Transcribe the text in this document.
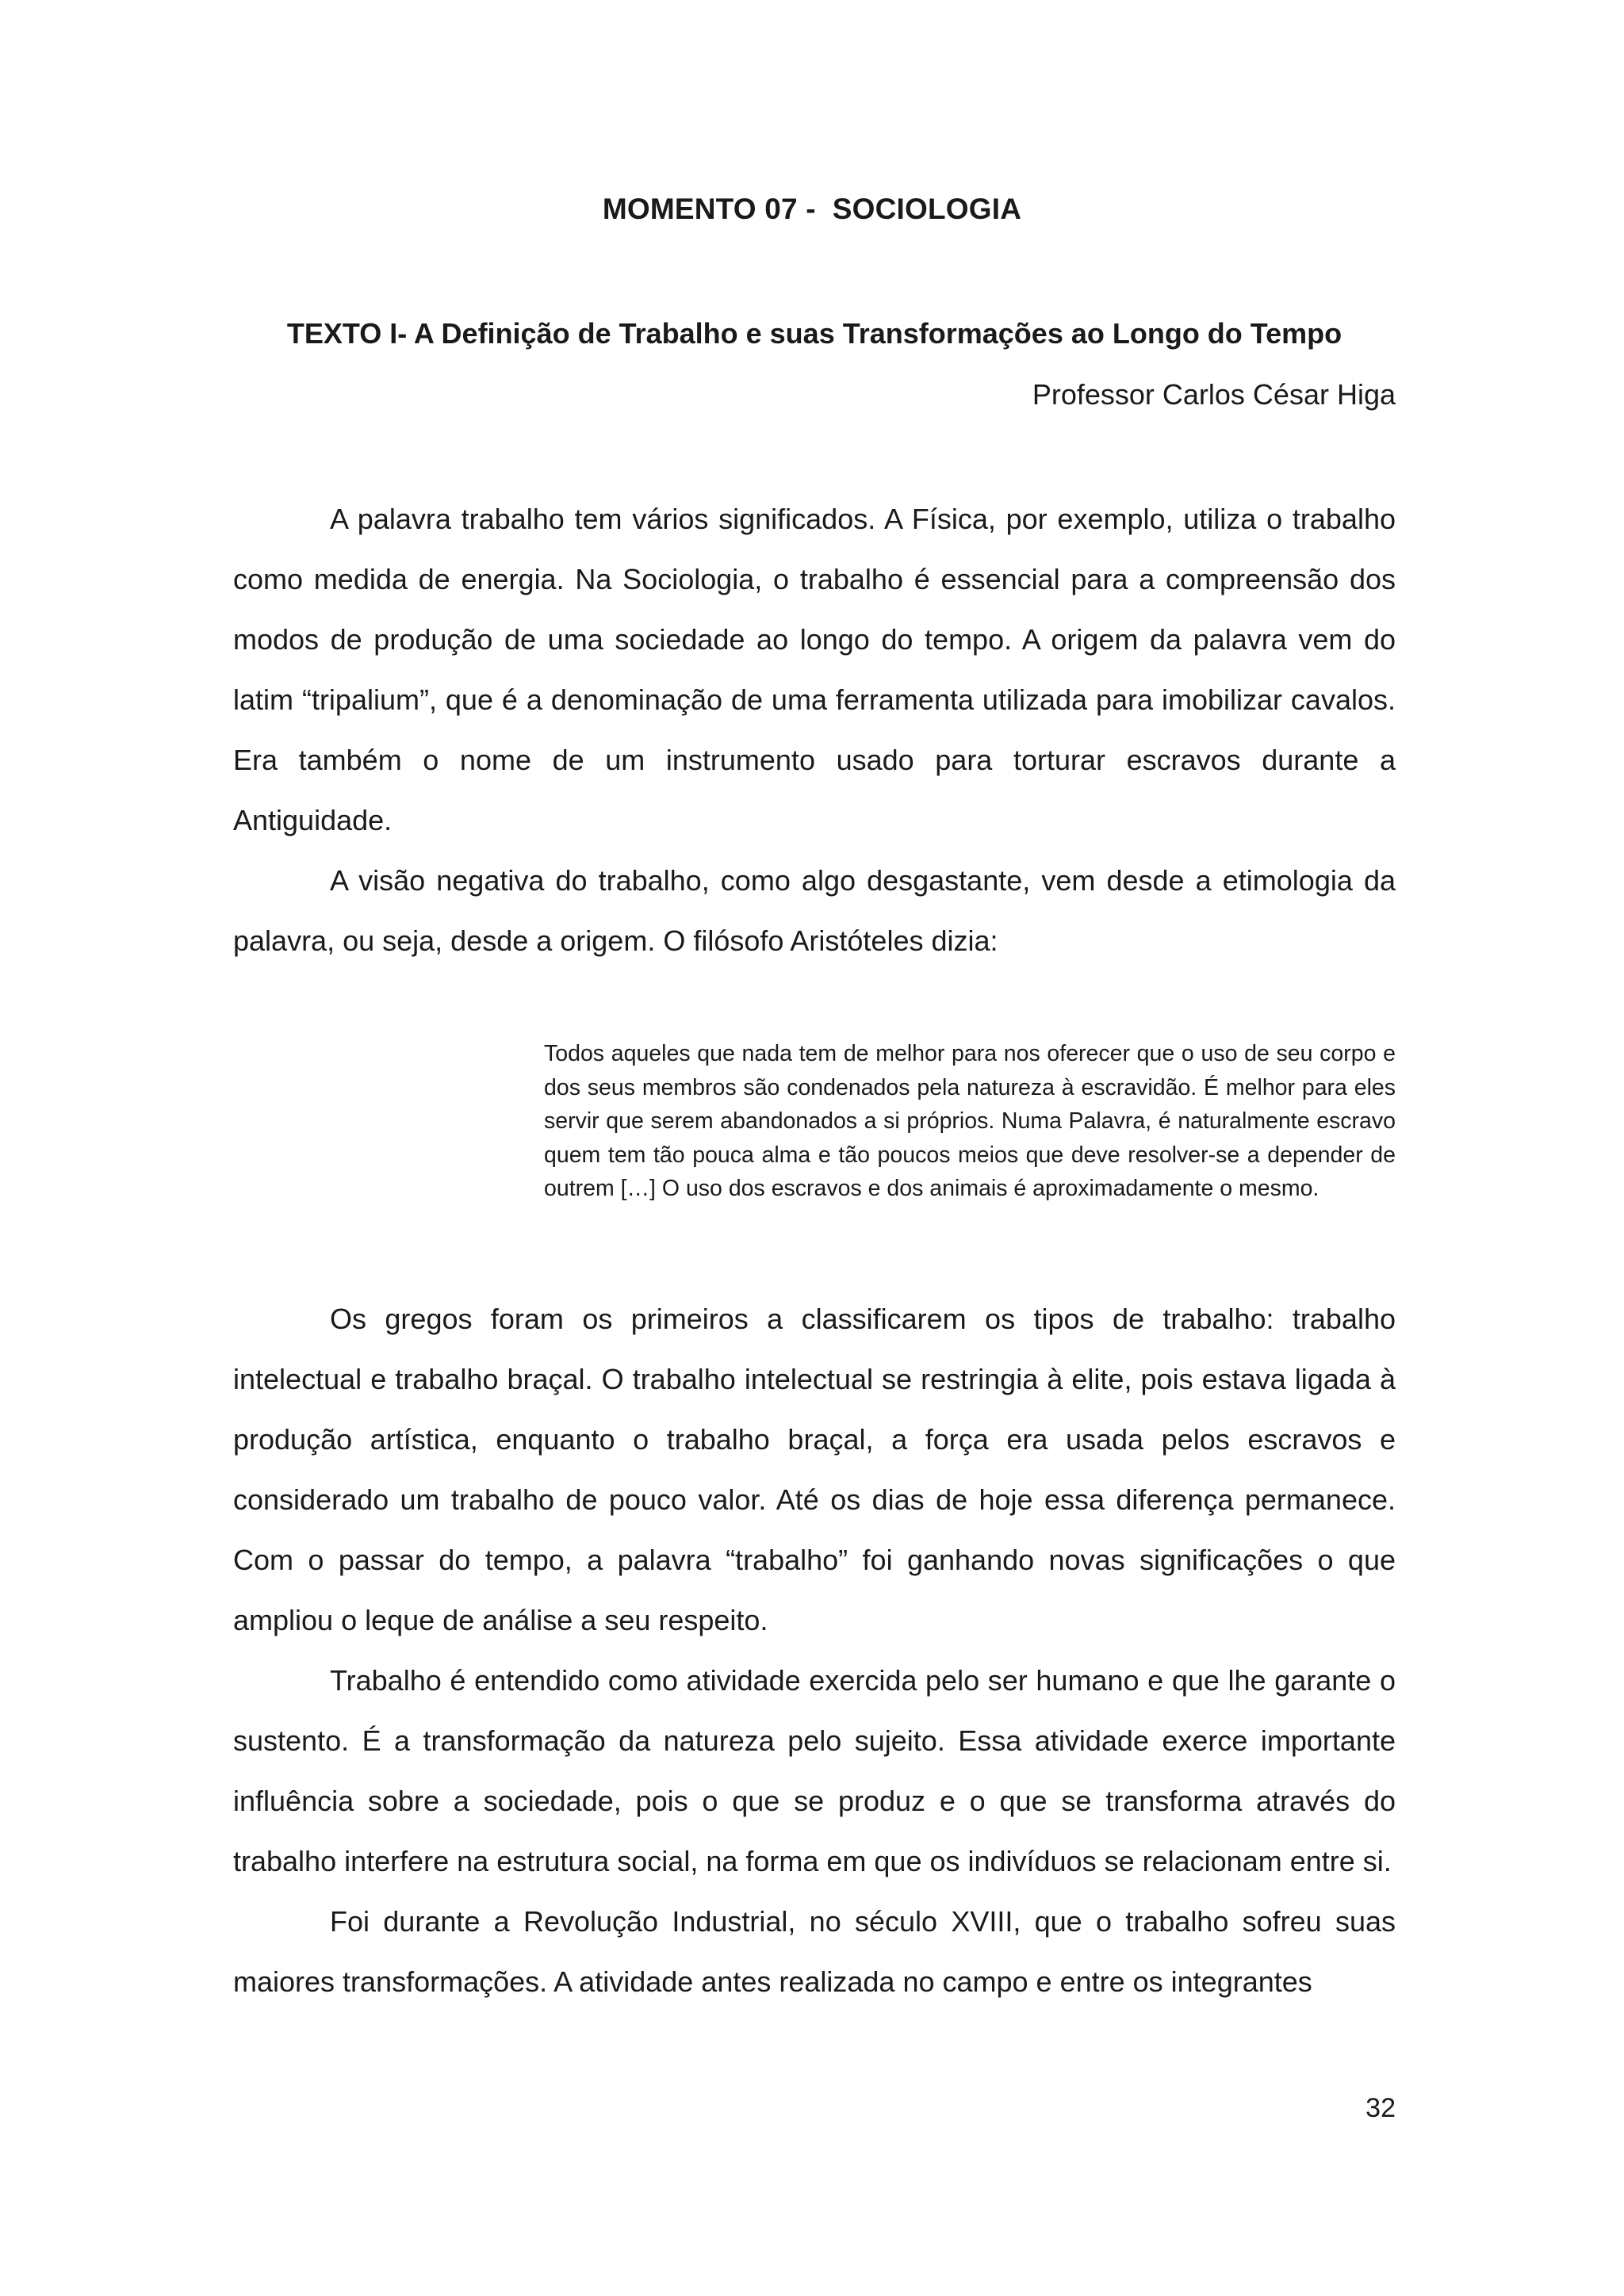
MOMENTO 07 -  SOCIOLOGIA
TEXTO I- A Definição de Trabalho e suas Transformações ao Longo do Tempo
Professor Carlos César Higa

A palavra trabalho tem vários significados. A Física, por exemplo, utiliza o trabalho como medida de energia. Na Sociologia, o trabalho é essencial para a compreensão dos modos de produção de uma sociedade ao longo do tempo. A origem da palavra vem do latim “tripalium”, que é a denominação de uma ferramenta utilizada para imobilizar cavalos. Era também o nome de um instrumento usado para torturar escravos durante a Antiguidade.

A visão negativa do trabalho, como algo desgastante, vem desde a etimologia da palavra, ou seja, desde a origem. O filósofo Aristóteles dizia:

Todos aqueles que nada tem de melhor para nos oferecer que o uso de seu corpo e dos seus membros são condenados pela natureza à escravidão. É melhor para eles servir que serem abandonados a si próprios. Numa Palavra, é naturalmente escravo quem tem tão pouca alma e tão poucos meios que deve resolver-se a depender de outrem […] O uso dos escravos e dos animais é aproximadamente o mesmo.

Os gregos foram os primeiros a classificarem os tipos de trabalho: trabalho intelectual e trabalho braçal. O trabalho intelectual se restringia à elite, pois estava ligada à produção artística, enquanto o trabalho braçal, a força era usada pelos escravos e considerado um trabalho de pouco valor. Até os dias de hoje essa diferença permanece. Com o passar do tempo, a palavra “trabalho” foi ganhando novas significações o que ampliou o leque de análise a seu respeito.

Trabalho é entendido como atividade exercida pelo ser humano e que lhe garante o sustento. É a transformação da natureza pelo sujeito. Essa atividade exerce importante influência sobre a sociedade, pois o que se produz e o que se transforma através do trabalho interfere na estrutura social, na forma em que os indivíduos se relacionam entre si.

Foi durante a Revolução Industrial, no século XVIII, que o trabalho sofreu suas maiores transformações. A atividade antes realizada no campo e entre os integrantes

32
